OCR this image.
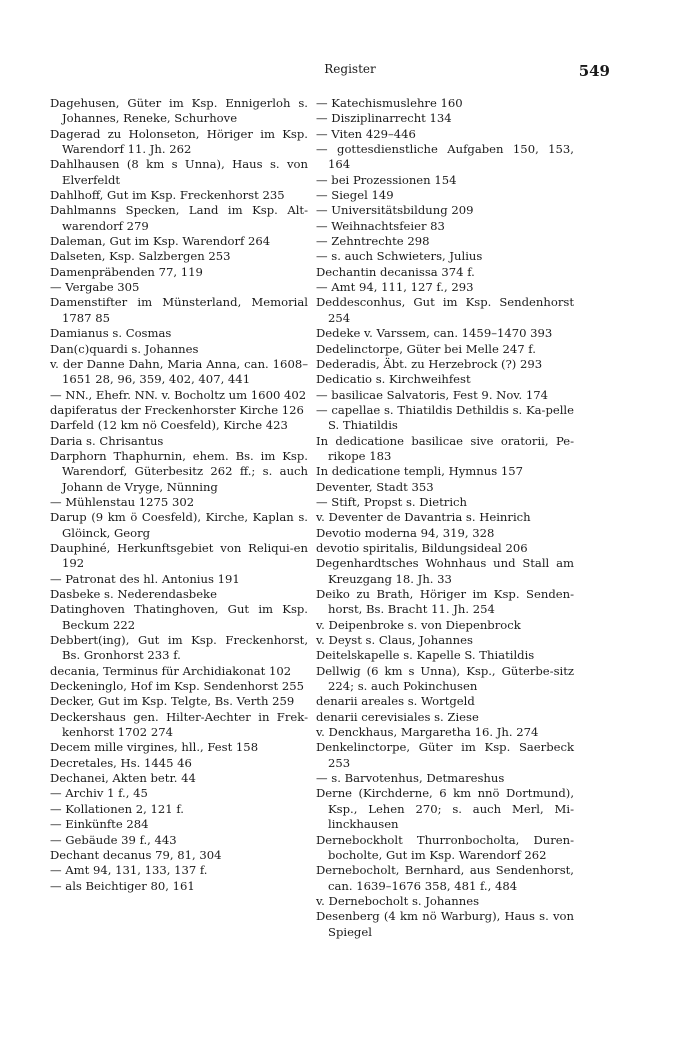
Register	549

Dagehusen, Güter im Ksp. Ennigerloh s. Johannes, Reneke, Schurhove

Dagerad zu Holonseton, Höriger im Ksp. Warendorf 11. Jh. 262

Dahlhausen (8 km s Unna), Haus s. von Elverfeldt

Dahlhoff, Gut im Ksp. Freckenhorst 235

Dahlmanns Specken, Land im Ksp. Alt-warendorf 279

Daleman, Gut im Ksp. Warendorf 264

Dalseten, Ksp. Salzbergen 253

Damenpräbenden 77, 119

— Vergabe 305

Damenstifter im Münsterland, Memorial 1787 85

Damianus s. Cosmas

Dan(c)quardi s. Johannes

v. der Danne Dahn, Maria Anna, can. 1608–1651 28, 96, 359, 402, 407, 441

— NN., Ehefr. NN. v. Bocholtz um 1600 402

dapiferatus der Freckenhorster Kirche 126

Darfeld (12 km nö Coesfeld), Kirche 423

Daria s. Chrisantus

Darphorn Thaphurnin, ehem. Bs. im Ksp. Warendorf, Güterbesitz 262 ff.; s. auch Johann de Vryge, Nünning

— Mühlenstau 1275 302

Darup (9 km ö Coesfeld), Kirche, Kaplan s. Glöinck, Georg

Dauphiné, Herkunftsgebiet von Reliqui-en 192

— Patronat des hl. Antonius 191

Dasbeke s. Nederendasbeke

Datinghoven Thatinghoven, Gut im Ksp. Beckum 222

Debbert(ing), Gut im Ksp. Freckenhorst, Bs. Gronhorst 233 f.

decania, Terminus für Archidiakonat 102

Deckeninglo, Hof im Ksp. Sendenhorst 255

Decker, Gut im Ksp. Telgte, Bs. Verth 259

Deckershaus gen. Hilter-Aechter in Frek-kenhorst 1702 274

Decem mille virgines, hll., Fest 158

Decretales, Hs. 1445 46

Dechanei, Akten betr. 44

— Archiv 1 f., 45

— Kollationen 2, 121 f.

— Einkünfte 284

— Gebäude 39 f., 443

Dechant decanus 79, 81, 304

— Amt 94, 131, 133, 137 f.

— als Beichtiger 80, 161

— Katechismuslehre 160

— Disziplinarrecht 134

— Viten 429–446

— gottesdienstliche Aufgaben 150, 153, 164

— bei Prozessionen 154

— Siegel 149

— Universitätsbildung 209

— Weihnachtsfeier 83

— Zehntrechte 298

— s. auch Schwieters, Julius

Dechantin decanissa 374 f.

— Amt 94, 111, 127 f., 293

Deddesconhus, Gut im Ksp. Sendenhorst 254

Dedeke v. Varssem, can. 1459–1470 393

Dedelinctorpe, Güter bei Melle 247 f.

Dederadis, Äbt. zu Herzebrock (?) 293

Dedicatio s. Kirchweihfest

— basilicae Salvatoris, Fest 9. Nov. 174

— capellae s. Thiatildis Dethildis s. Ka-pelle S. Thiatildis

In dedicatione basilicae sive oratorii, Pe-rikope 183

In dedicatione templi, Hymnus 157

Deventer, Stadt 353

— Stift, Propst s. Dietrich

v. Deventer de Davantria s. Heinrich

Devotio moderna 94, 319, 328

devotio spiritalis, Bildungsideal 206

Degenhardtsches Wohnhaus und Stall am Kreuzgang 18. Jh. 33

Deiko zu Brath, Höriger im Ksp. Senden-horst, Bs. Bracht 11. Jh. 254

v. Deipenbroke s. von Diepenbrock

v. Deyst s. Claus, Johannes

Deitelskapelle s. Kapelle S. Thiatildis

Dellwig (6 km s Unna), Ksp., Güterbe-sitz 224; s. auch Pokinchusen

denarii areales s. Wortgeld

denarii cerevisiales s. Ziese

v. Denckhaus, Margaretha 16. Jh. 274

Denkelinctorpe, Güter im Ksp. Saerbeck 253

— s. Barvotenhus, Detmareshus

Derne (Kirchderne, 6 km nnö Dortmund), Ksp., Lehen 270; s. auch Merl, Mi-linckhausen

Dernebockholt Thurronbocholta, Duren-bocholte, Gut im Ksp. Warendorf 262

Dernebocholt, Bernhard, aus Sendenhorst, can. 1639–1676 358, 481 f., 484

v. Dernebocholt s. Johannes

Desenberg (4 km nö Warburg), Haus s. von Spiegel
